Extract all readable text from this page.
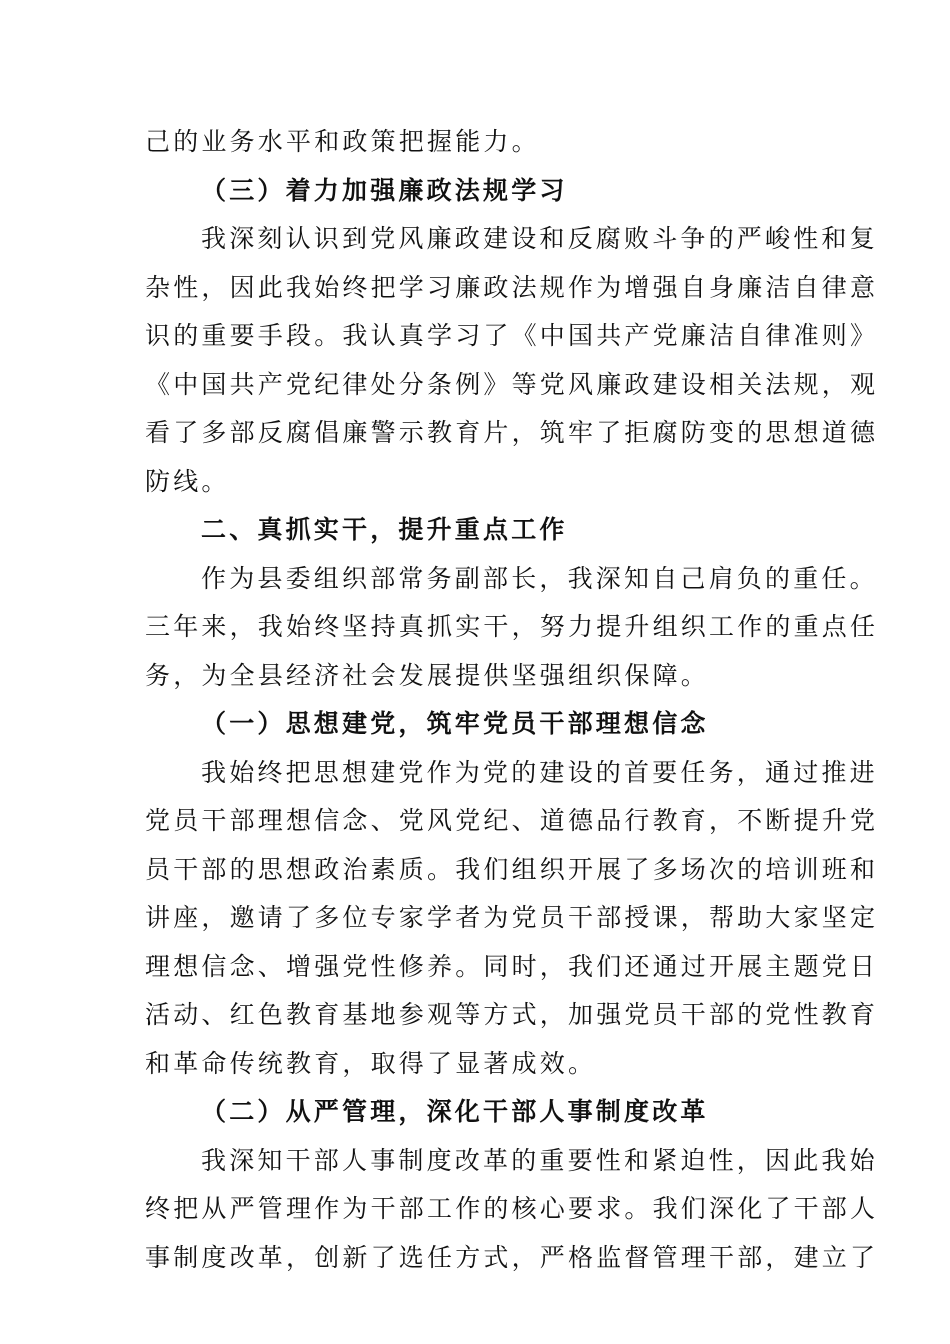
己的业务水平和政策把握能力。
（三）着力加强廉政法规学习
我深刻认识到党风廉政建设和反腐败斗争的严峻性和复
杂性，因此我始终把学习廉政法规作为增强自身廉洁自律意
识的重要手段。我认真学习了《中国共产党廉洁自律准则》
《中国共产党纪律处分条例》等党风廉政建设相关法规，观
看了多部反腐倡廉警示教育片，筑牢了拒腐防变的思想道德
防线。
二、真抓实干，提升重点工作
作为县委组织部常务副部长，我深知自己肩负的重任。
三年来，我始终坚持真抓实干，努力提升组织工作的重点任
务，为全县经济社会发展提供坚强组织保障。
（一）思想建党，筑牢党员干部理想信念
我始终把思想建党作为党的建设的首要任务，通过推进
党员干部理想信念、党风党纪、道德品行教育，不断提升党
员干部的思想政治素质。我们组织开展了多场次的培训班和
讲座，邀请了多位专家学者为党员干部授课，帮助大家坚定
理想信念、增强党性修养。同时，我们还通过开展主题党日
活动、红色教育基地参观等方式，加强党员干部的党性教育
和革命传统教育，取得了显著成效。
（二）从严管理，深化干部人事制度改革
我深知干部人事制度改革的重要性和紧迫性，因此我始
终把从严管理作为干部工作的核心要求。我们深化了干部人
事制度改革，创新了选任方式，严格监督管理干部，建立了
